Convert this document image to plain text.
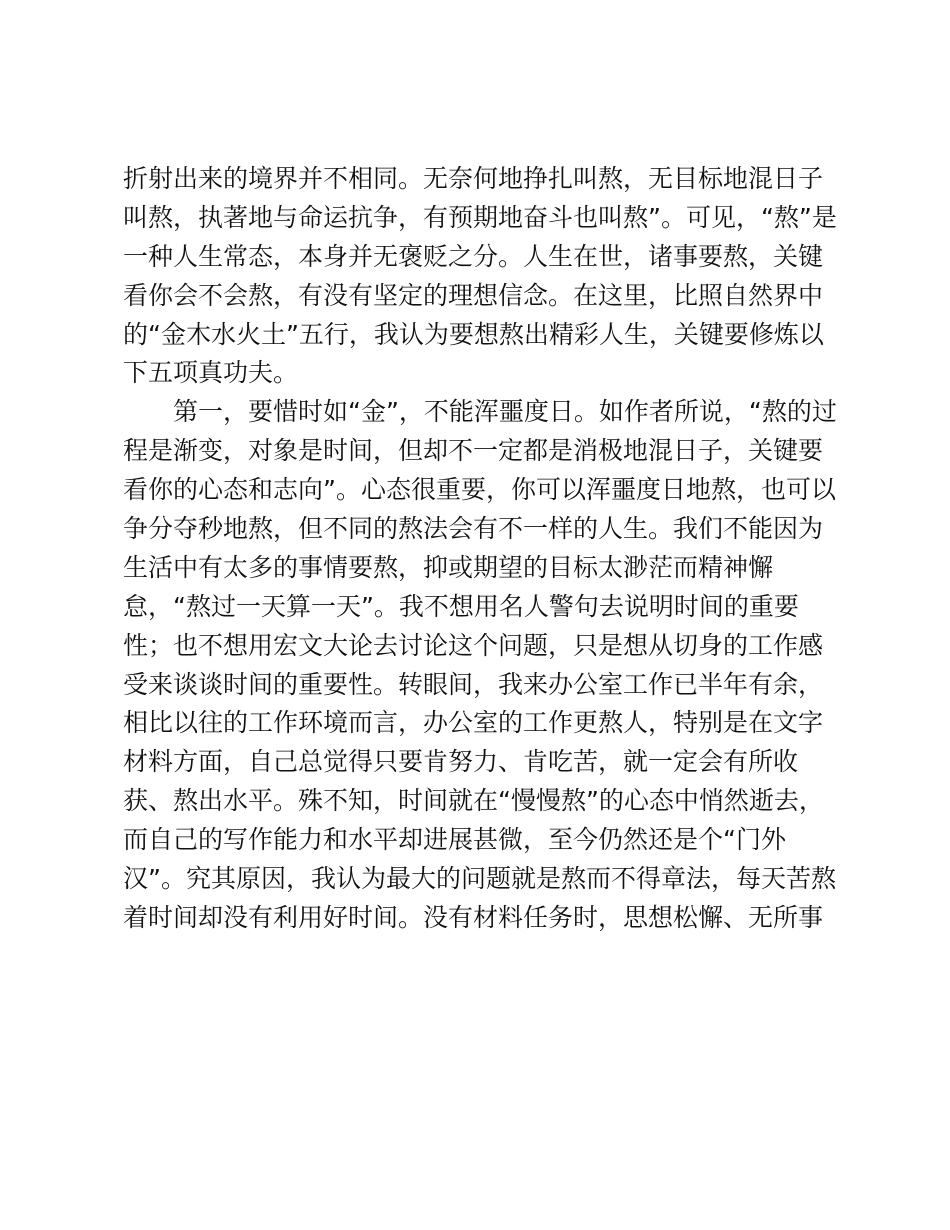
折射出来的境界并不相同。无奈何地挣扎叫熬，无目标地混日子
叫熬，执著地与命运抗争，有预期地奋斗也叫熬”。可见，“熬”是
一种人生常态，本身并无褒贬之分。人生在世，诸事要熬，关键
看你会不会熬，有没有坚定的理想信念。在这里，比照自然界中
的“金木水火土”五行，我认为要想熬出精彩人生，关键要修炼以
下五项真功夫。
第一，要惜时如“金”，不能浑噩度日。如作者所说，“熬的过
程是渐变，对象是时间，但却不一定都是消极地混日子，关键要
看你的心态和志向”。心态很重要，你可以浑噩度日地熬，也可以
争分夺秒地熬，但不同的熬法会有不一样的人生。我们不能因为
生活中有太多的事情要熬，抑或期望的目标太渺茫而精神懈
怠，“熬过一天算一天”。我不想用名人警句去说明时间的重要
性；也不想用宏文大论去讨论这个问题，只是想从切身的工作感
受来谈谈时间的重要性。转眼间，我来办公室工作已半年有余，
相比以往的工作环境而言，办公室的工作更熬人，特别是在文字
材料方面，自己总觉得只要肯努力、肯吃苦，就一定会有所收
获、熬出水平。殊不知，时间就在“慢慢熬”的心态中悄然逝去，
而自己的写作能力和水平却进展甚微，至今仍然还是个“门外
汉”。究其原因，我认为最大的问题就是熬而不得章法，每天苦熬
着时间却没有利用好时间。没有材料任务时，思想松懈、无所事
